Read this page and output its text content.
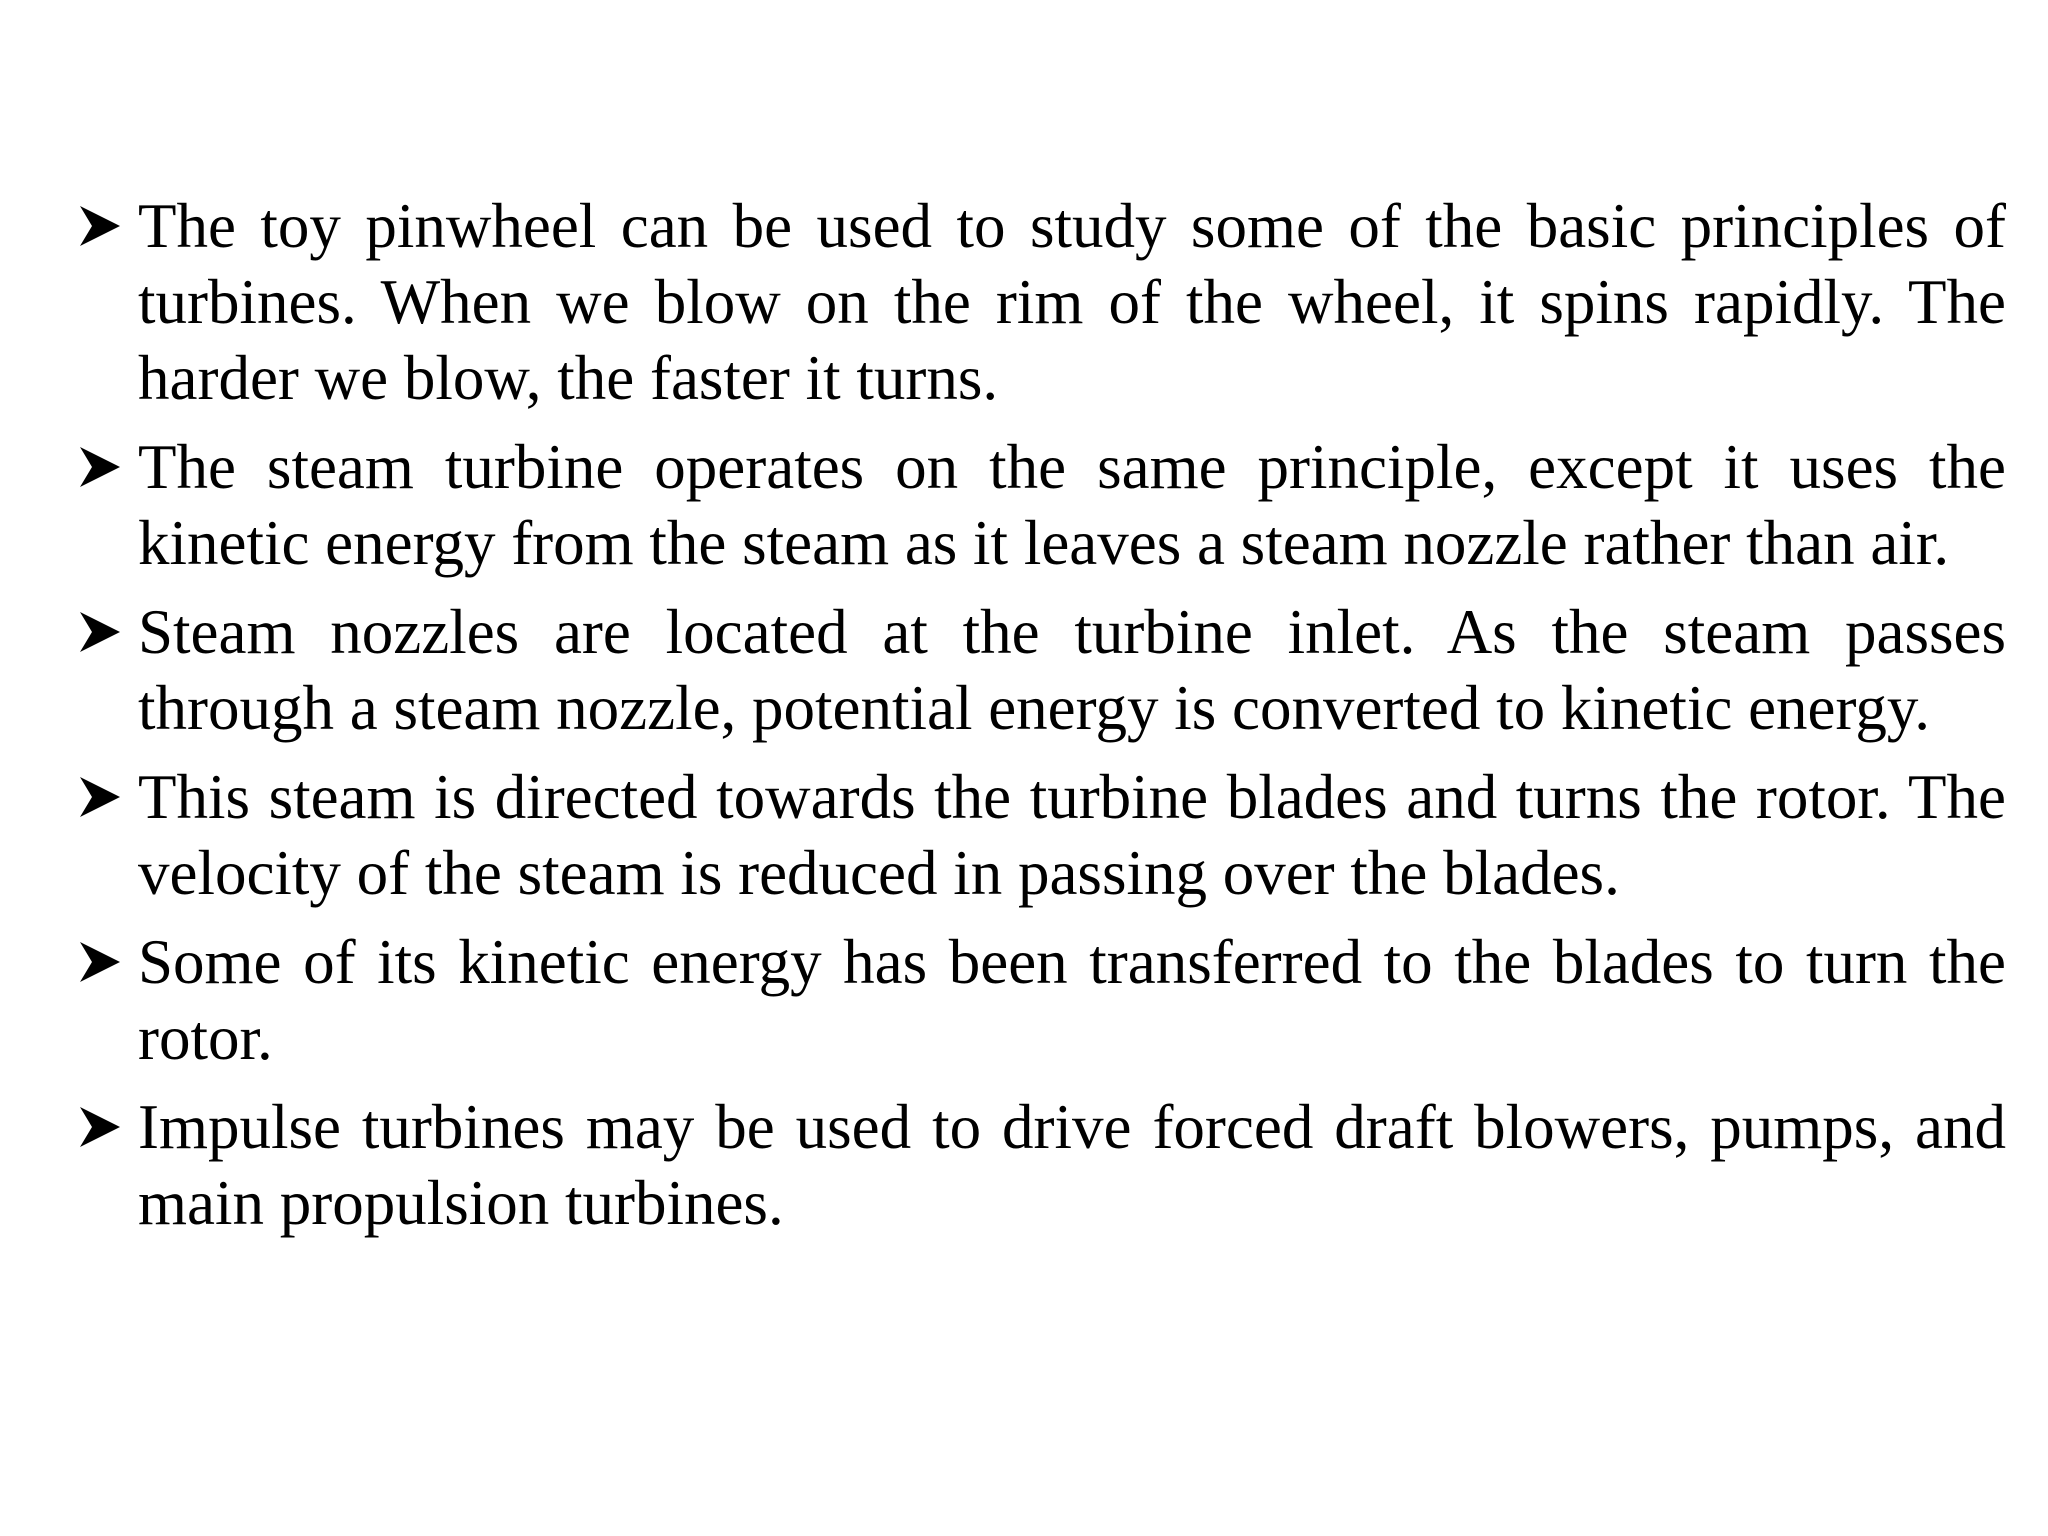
The toy pinwheel can be used to study some of the basic principles of turbines. When we blow on the rim of the wheel, it spins rapidly. The harder we blow, the faster it turns.

The steam turbine operates on the same principle, except it uses the kinetic energy from the steam as it leaves a steam nozzle rather than air.

Steam nozzles are located at the turbine inlet. As the steam passes through a steam nozzle, potential energy is converted to kinetic energy.

This steam is directed towards the turbine blades and turns the rotor. The velocity of the steam is reduced in passing over the blades.

Some of its kinetic energy has been transferred to the blades to turn the rotor.

Impulse turbines may be used to drive forced draft blowers, pumps, and main propulsion turbines.
